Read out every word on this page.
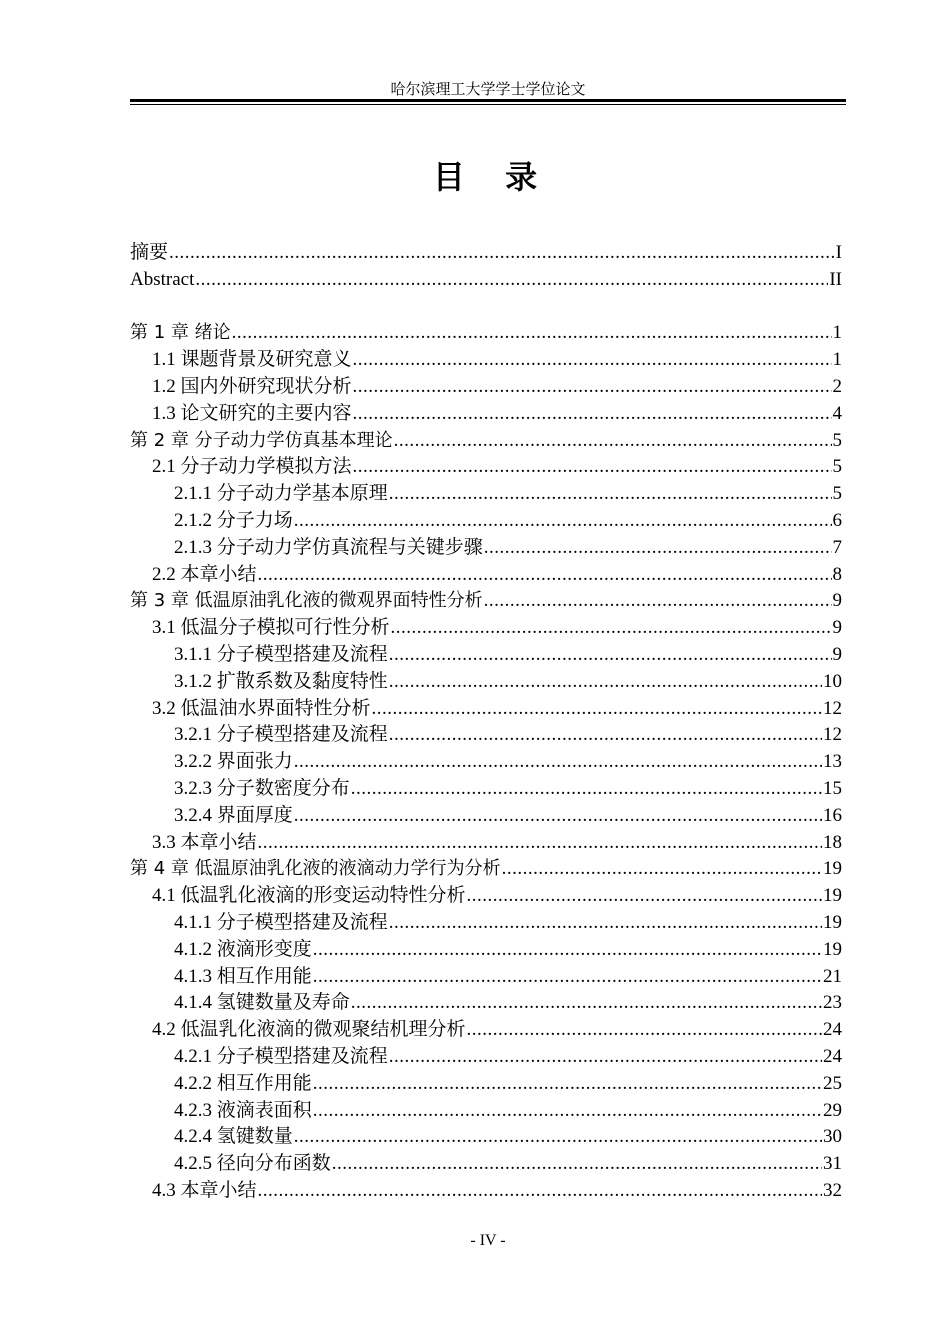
哈尔滨理工大学学士学位论文
目  录
摘要 .....	I
Abstract .....	II
第 1 章 绪论 .....	1
1.1 课题背景及研究意义 .....	1
1.2 国内外研究现状分析 .....	2
1.3 论文研究的主要内容 .....	4
第 2 章 分子动力学仿真基本理论 .....	5
2.1 分子动力学模拟方法 .....	5
2.1.1 分子动力学基本原理 .....	5
2.1.2 分子力场 .....	6
2.1.3 分子动力学仿真流程与关键步骤 .....	7
2.2 本章小结 .....	8
第 3 章 低温原油乳化液的微观界面特性分析 .....	9
3.1 低温分子模拟可行性分析 .....	9
3.1.1 分子模型搭建及流程 .....	9
3.1.2 扩散系数及黏度特性 .....	10
3.2 低温油水界面特性分析 .....	12
3.2.1 分子模型搭建及流程 .....	12
3.2.2 界面张力 .....	13
3.2.3 分子数密度分布 .....	15
3.2.4 界面厚度 .....	16
3.3 本章小结 .....	18
第 4 章 低温原油乳化液的液滴动力学行为分析 .....	19
4.1 低温乳化液滴的形变运动特性分析 .....	19
4.1.1 分子模型搭建及流程 .....	19
4.1.2 液滴形变度 .....	19
4.1.3 相互作用能 .....	21
4.1.4 氢键数量及寿命 .....	23
4.2 低温乳化液滴的微观聚结机理分析 .....	24
4.2.1 分子模型搭建及流程 .....	24
4.2.2 相互作用能 .....	25
4.2.3 液滴表面积 .....	29
4.2.4 氢键数量 .....	30
4.2.5 径向分布函数 .....	31
4.3 本章小结 .....	32
- IV -
